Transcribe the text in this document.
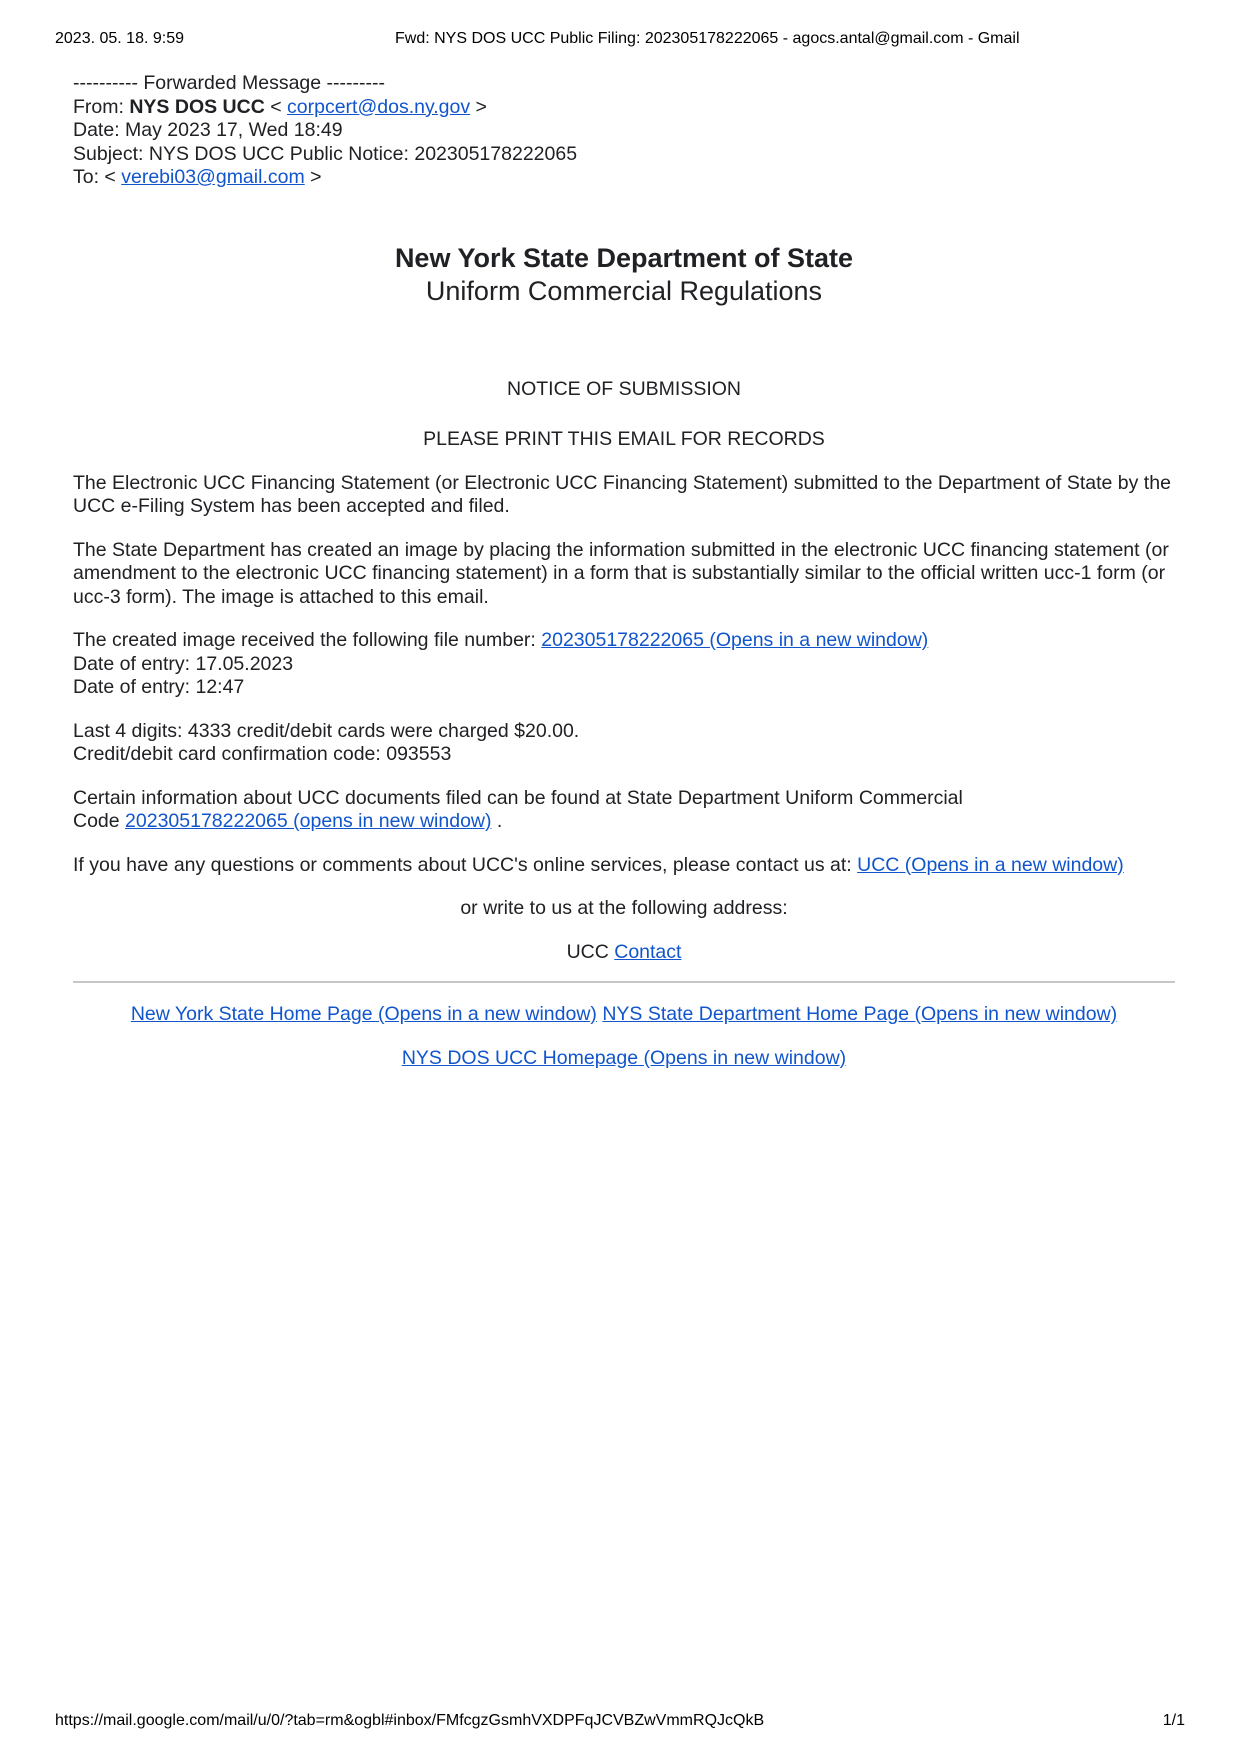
2023. 05. 18. 9:59	Fwd: NYS DOS UCC Public Filing: 202305178222065 - agocs.antal@gmail.com - Gmail
---------- Forwarded Message ---------
From: NYS DOS UCC < corpcert@dos.ny.gov >
Date: May 2023 17, Wed 18:49
Subject: NYS DOS UCC Public Notice: 202305178222065
To: < verebi03@gmail.com >
New York State Department of State
Uniform Commercial Regulations
NOTICE OF SUBMISSION
PLEASE PRINT THIS EMAIL FOR RECORDS

The Electronic UCC Financing Statement (or Electronic UCC Financing Statement) submitted to the Department of State by the UCC e-Filing System has been accepted and filed.

The State Department has created an image by placing the information submitted in the electronic UCC financing statement (or amendment to the electronic UCC financing statement) in a form that is substantially similar to the official written ucc-1 form (or ucc-3 form). The image is attached to this email.

The created image received the following file number: 202305178222065 (Opens in a new window)
Date of entry: 17.05.2023
Date of entry: 12:47

Last 4 digits: 4333 credit/debit cards were charged $20.00.
Credit/debit card confirmation code: 093553

Certain information about UCC documents filed can be found at State Department Uniform Commercial
Code 202305178222065 (opens in new window) .

If you have any questions or comments about UCC's online services, please contact us at: UCC (Opens in a new window)

or write to us at the following address:

UCC Contact

New York State Home Page (Opens in a new window) NYS State Department Home Page (Opens in new window)
NYS DOS UCC Homepage (Opens in new window)
https://mail.google.com/mail/u/0/?tab=rm&ogbl#inbox/FMfcgzGsmhVXDPFqJCVBZwVmmRQJcQkB	1/1
